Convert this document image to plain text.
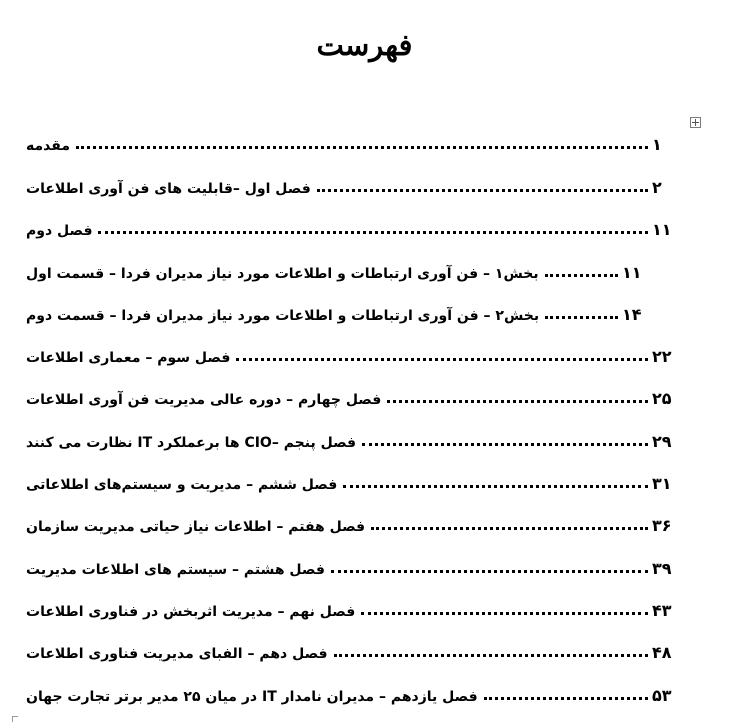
فهرست
مقدمه	۱
فصل اول –قابلیت های فن آوری اطلاعات	۲
فصل دوم	۱۱
بخش۱ – فن آوری ارتباطات و اطلاعات مورد نیاز مدیران فردا – قسمت اول	۱۱
بخش۲ – فن آوری ارتباطات و اطلاعات مورد نیاز مدیران فردا – قسمت دوم	۱۴
فصل سوم – معماری اطلاعات	۲۲
فصل چهارم – دوره عالی مدیریت فن آوری اطلاعات	۲۵
فصل پنجم –CIO ها برعملکرد IT نظارت می کنند	۲۹
فصل ششم – مدیریت و سیستم‌های اطلاعاتی	۳۱
فصل هفتم – اطلاعات نیاز حیاتی مدیریت سازمان	۳۶
فصل هشتم – سیستم های اطلاعات مدیریت	۳۹
فصل نهم – مدیریت اثربخش در فناوری اطلاعات	۴۳
فصل دهم – الفبای مدیریت فناوری اطلاعات	۴۸
فصل یازدهم – مدیران نامدار IT در میان ۲۵ مدیر برتر تجارت جهان	۵۳
